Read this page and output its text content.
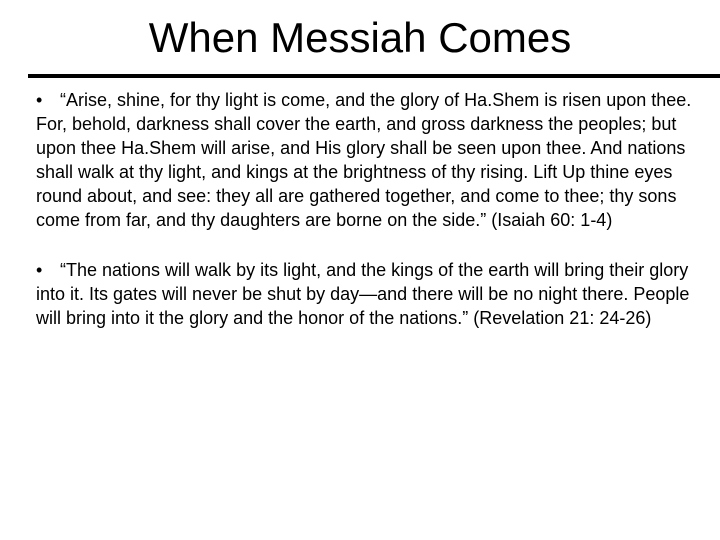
When Messiah Comes
• “Arise, shine, for thy light is come, and the glory of Ha.Shem is risen upon thee. For, behold, darkness shall cover the earth, and gross darkness the peoples; but upon thee Ha.Shem will arise, and His glory shall be seen upon thee. And nations shall walk at thy light, and kings at the brightness of thy rising. Lift Up thine eyes round about, and see: they all are gathered together, and come to thee; thy sons come from far, and thy daughters are borne on the side.” (Isaiah 60: 1-4)
• “The nations will walk by its light, and the kings of the earth will bring their glory into it. Its gates will never be shut by day—and there will be no night there. People will bring into it the glory and the honor of the nations.” (Revelation 21: 24-26)
